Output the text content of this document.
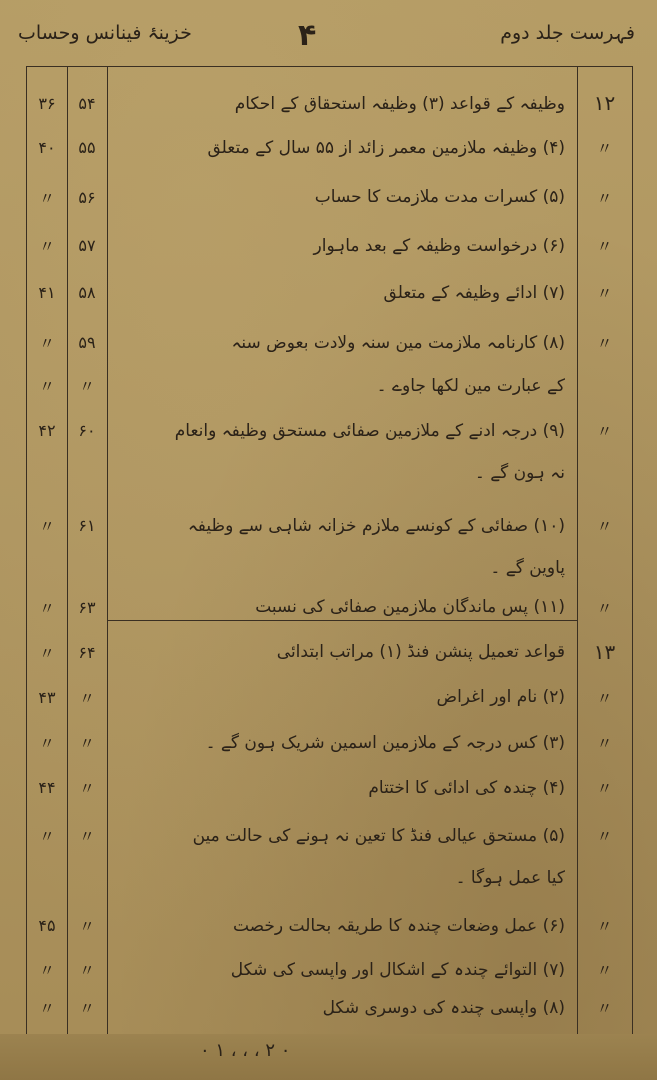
خزینۂ فینانس وحساب	۴	فہرست جلد دوم
۱۲
وظیفہ کے قواعد (۳) وظیفہ استحقاق کے احکام
۵۴
۳۶
〃
(۴) وظیفہ ملازمین معمر زائد از ۵۵ سال کے متعلق
۵۵
۴۰
〃
(۵) کسرات مدت ملازمت کا حساب
۵۶
〃
〃
(۶) درخواست وظیفہ کے بعد ماہوار
۵۷
〃
〃
(۷) ادائے وظیفہ کے متعلق
۵۸
۴۱
〃
(۸) کارنامہ ملازمت مین سنہ ولادت بعوض سنہ
۵۹
〃
کے عبارت مین لکھا جاوے ۔
〃
〃
〃
(۹) درجہ ادنے کے ملازمین صفائی مستحق وظیفہ وانعام
۶۰
۴۲
نہ ہون گے ۔
〃
(۱۰) صفائی کے کونسے ملازم خزانہ شاہی سے وظیفہ
۶۱
〃
پاوین گے ۔
〃
(۱۱) پس ماندگان ملازمین صفائی کی نسبت
۶۳
〃
۱۳
قواعد تعمیل پنشن فنڈ (۱) مراتب ابتدائی
۶۴
〃
〃
(۲) نام اور اغراض
〃
۴۳
〃
(۳) کس درجہ کے ملازمین اسمین شریک ہون گے ۔
〃
〃
〃
(۴) چندہ کی ادائی کا اختتام
〃
۴۴
〃
(۵) مستحق عیالی فنڈ کا تعین نہ ہونے کی حالت مین
〃
〃
کیا عمل ہوگا ۔
〃
(۶) عمل وضعات چندہ کا طریقہ بحالت رخصت
〃
۴۵
〃
(۷) التوائے چندہ کے اشکال اور واپسی کی شکل
〃
〃
〃
(۸) واپسی چندہ کی دوسری شکل
〃
〃
۰ ۱ ، ، ، ۲ ۰
